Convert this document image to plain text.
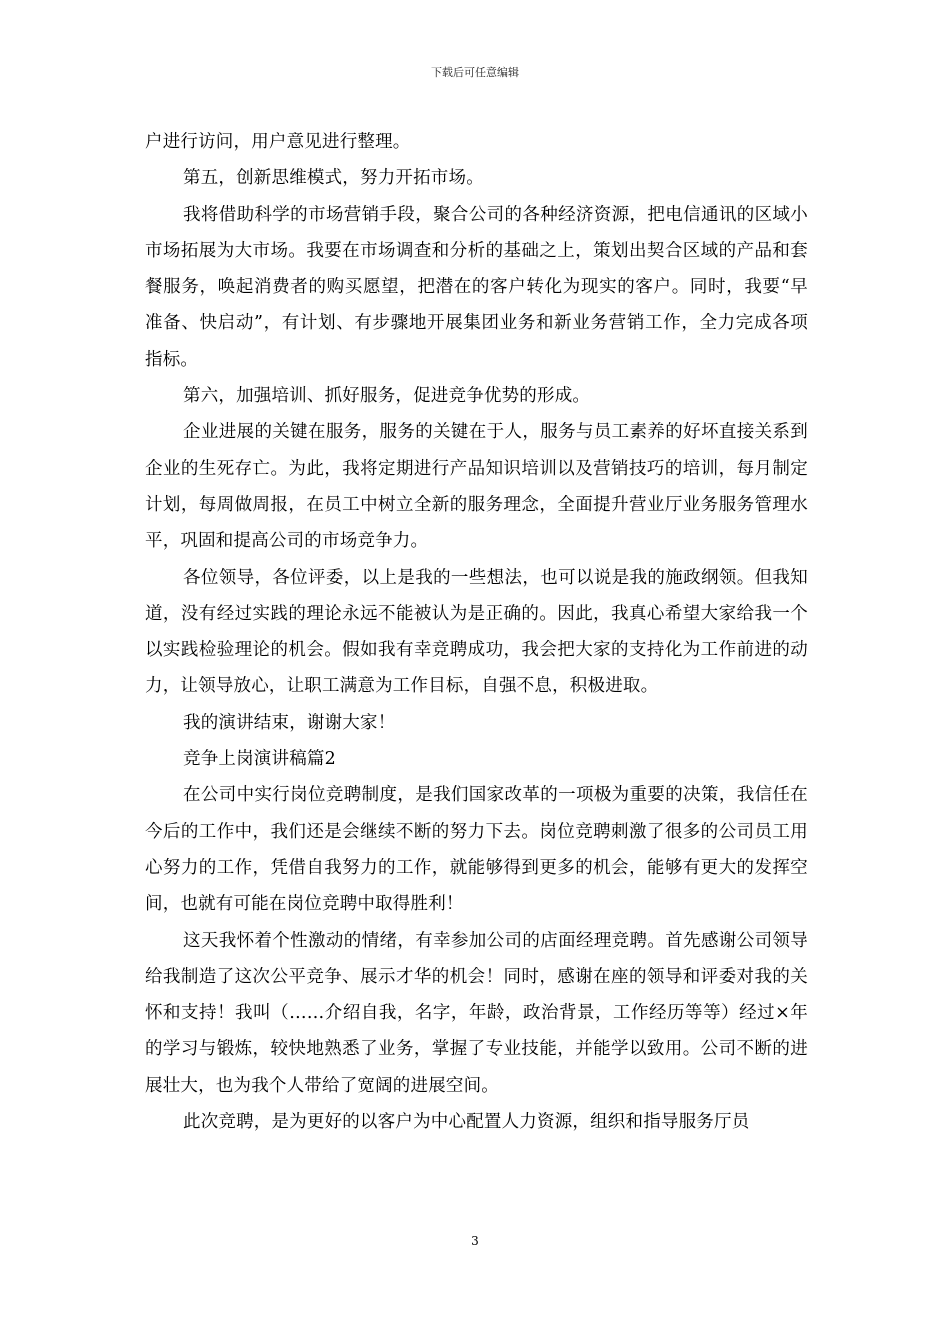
下载后可任意编辑

户进行访问，用户意见进行整理。

第五，创新思维模式，努力开拓市场。

我将借助科学的市场营销手段，聚合公司的各种经济资源，把电信通讯的区域小市场拓展为大市场。我要在市场调查和分析的基础之上，策划出契合区域的产品和套餐服务，唤起消费者的购买愿望，把潜在的客户转化为现实的客户。同时，我要“早准备、快启动”，有计划、有步骤地开展集团业务和新业务营销工作，全力完成各项指标。

第六，加强培训、抓好服务，促进竞争优势的形成。

企业进展的关键在服务，服务的关键在于人，服务与员工素养的好坏直接关系到企业的生死存亡。为此，我将定期进行产品知识培训以及营销技巧的培训，每月制定计划，每周做周报，在员工中树立全新的服务理念，全面提升营业厅业务服务管理水平，巩固和提高公司的市场竞争力。

各位领导，各位评委，以上是我的一些想法，也可以说是我的施政纲领。但我知道，没有经过实践的理论永远不能被认为是正确的。因此，我真心希望大家给我一个以实践检验理论的机会。假如我有幸竞聘成功，我会把大家的支持化为工作前进的动力，让领导放心，让职工满意为工作目标，自强不息，积极进取。

我的演讲结束，谢谢大家！

竞争上岗演讲稿篇2

在公司中实行岗位竞聘制度，是我们国家改革的一项极为重要的决策，我信任在今后的工作中，我们还是会继续不断的努力下去。岗位竞聘刺激了很多的公司员工用心努力的工作，凭借自我努力的工作，就能够得到更多的机会，能够有更大的发挥空间，也就有可能在岗位竞聘中取得胜利！

这天我怀着个性激动的情绪，有幸参加公司的店面经理竞聘。首先感谢公司领导给我制造了这次公平竞争、展示才华的机会！同时，感谢在座的领导和评委对我的关怀和支持！我叫（……介绍自我，名字，年龄，政治背景，工作经历等等）经过×年的学习与锻炼，较快地熟悉了业务，掌握了专业技能，并能学以致用。公司不断的进展壮大，也为我个人带给了宽阔的进展空间。

此次竞聘，是为更好的以客户为中心配置人力资源，组织和指导服务厅员

3
